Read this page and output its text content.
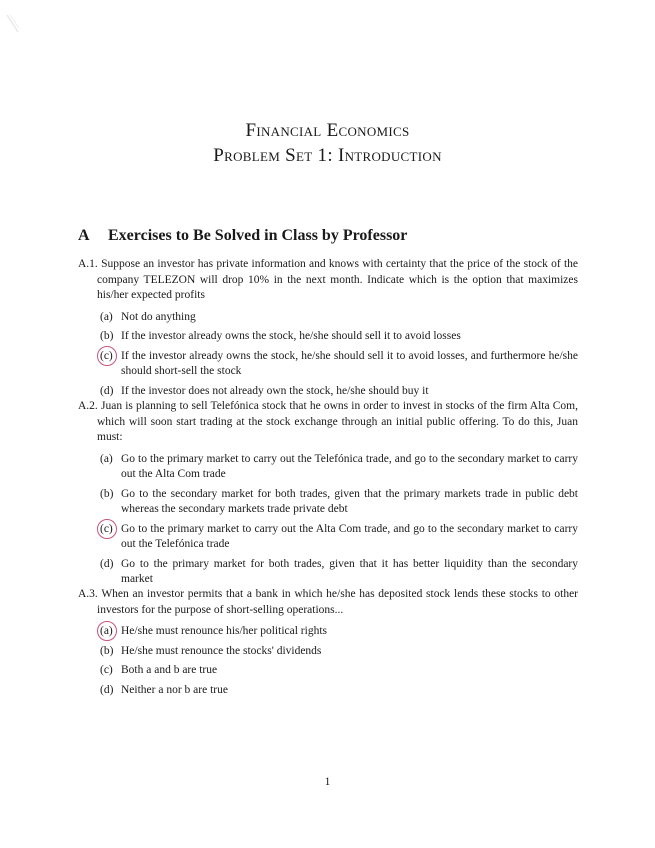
Financial Economics
Problem Set 1: Introduction
A Exercises to Be Solved in Class by Professor
A.1. Suppose an investor has private information and knows with certainty that the price of the stock of the company TELEZON will drop 10% in the next month. Indicate which is the option that maximizes his/her expected profits
(a) Not do anything
(b) If the investor already owns the stock, he/she should sell it to avoid losses
(c) If the investor already owns the stock, he/she should sell it to avoid losses, and furthermore he/she should short-sell the stock
(d) If the investor does not already own the stock, he/she should buy it
A.2. Juan is planning to sell Telefónica stock that he owns in order to invest in stocks of the firm Alta Com, which will soon start trading at the stock exchange through an initial public offering. To do this, Juan must:
(a) Go to the primary market to carry out the Telefónica trade, and go to the secondary market to carry out the Alta Com trade
(b) Go to the secondary market for both trades, given that the primary markets trade in public debt whereas the secondary markets trade private debt
(c) Go to the primary market to carry out the Alta Com trade, and go to the secondary market to carry out the Telefónica trade
(d) Go to the primary market for both trades, given that it has better liquidity than the secondary market
A.3. When an investor permits that a bank in which he/she has deposited stock lends these stocks to other investors for the purpose of short-selling operations...
(a) He/she must renounce his/her political rights
(b) He/she must renounce the stocks' dividends
(c) Both a and b are true
(d) Neither a nor b are true
1
